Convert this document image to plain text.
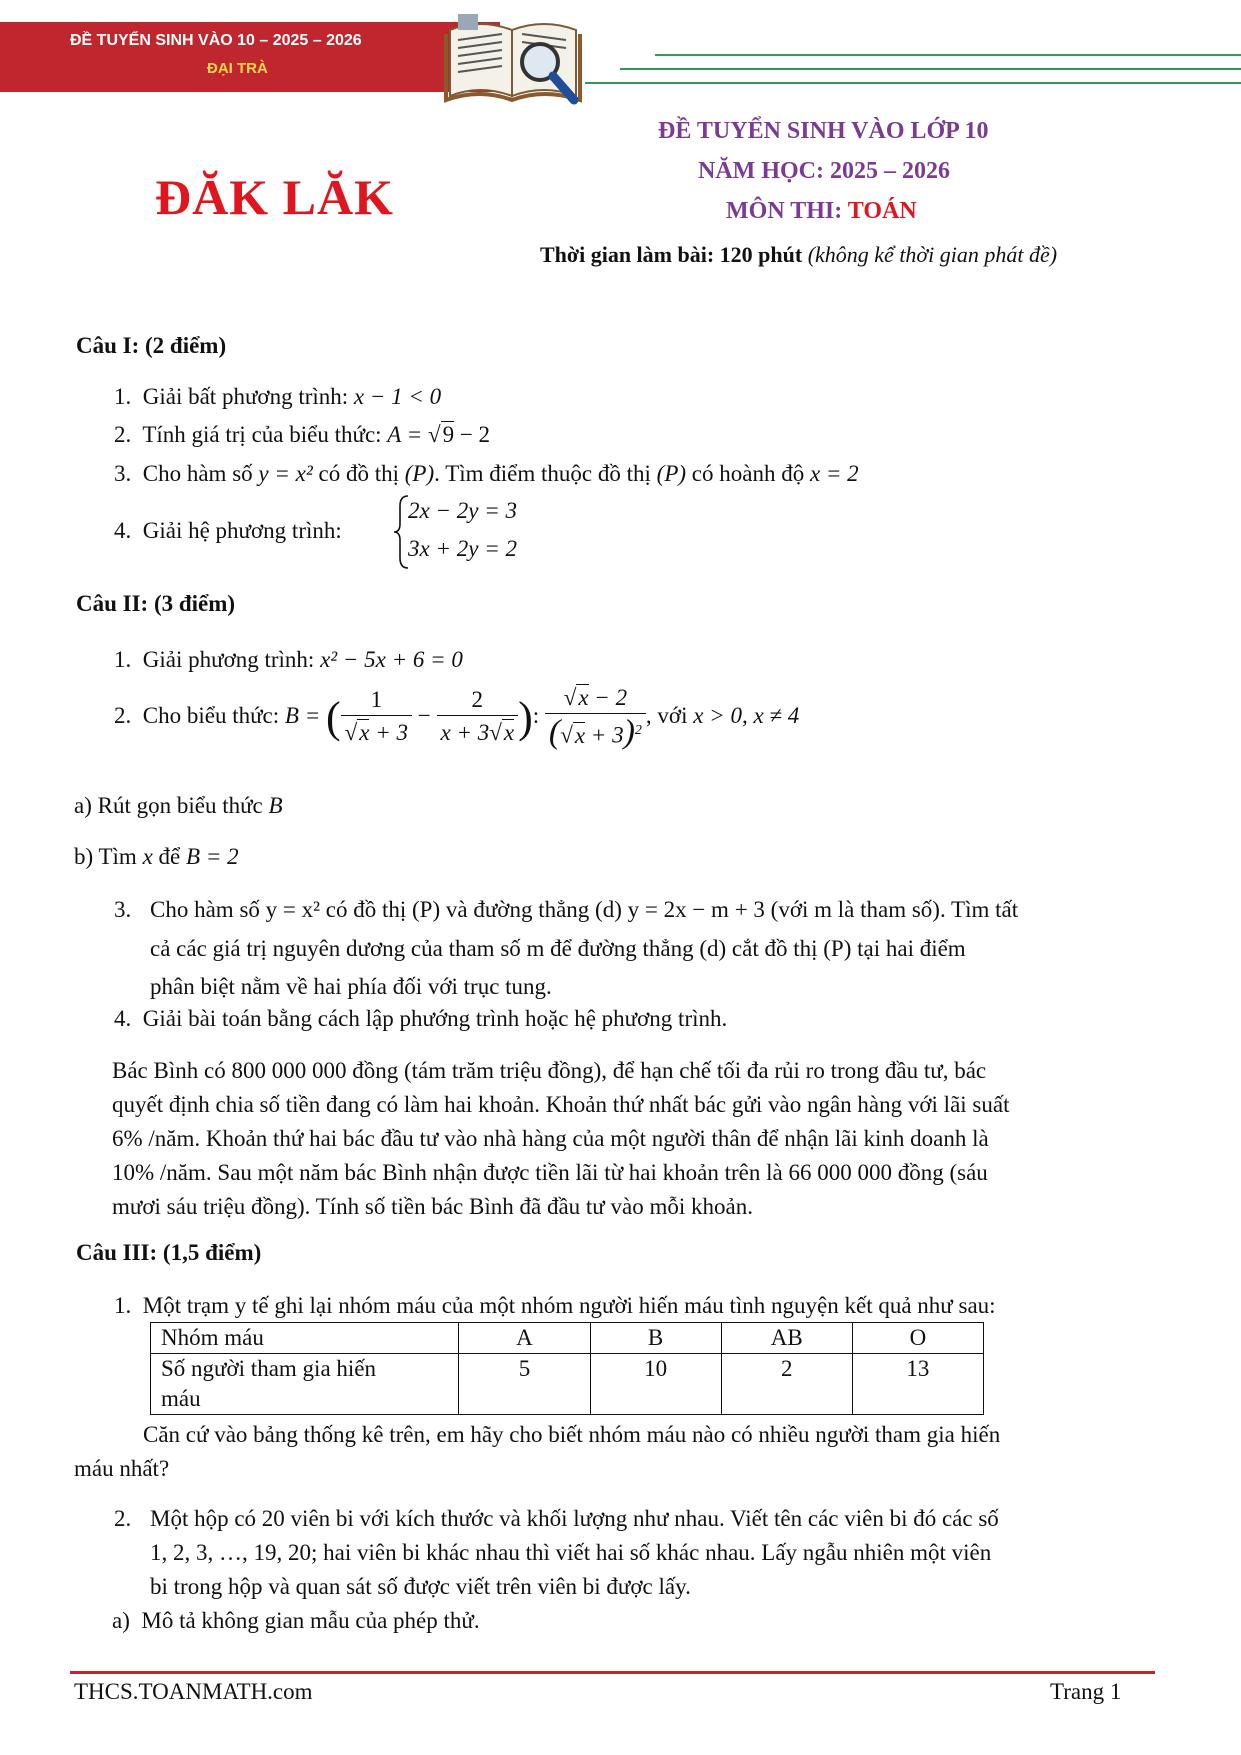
ĐỀ TUYỂN SINH VÀO 10 – 2025 – 2026
ĐẠI TRÀ
ĐĂK LĂK
ĐỀ TUYỂN SINH VÀO LỚP 10
NĂM HỌC: 2025 – 2026
MÔN THI: TOÁN
Thời gian làm bài: 120 phút (không kể thời gian phát đề)
Câu I: (2 điểm)
1. Giải bất phương trình: x − 1 < 0
2. Tính giá trị của biểu thức: A = √9 − 2
3. Cho hàm số y = x² có đồ thị (P). Tìm điểm thuộc đồ thị (P) có hoành độ x = 2
4. Giải hệ phương trình:
2x − 2y = 3
3x + 2y = 2
Câu II: (3 điểm)
1. Giải phương trình: x² − 5x + 6 = 0
2. Cho biểu thức: B = ( $\frac{1}{√x + 3} - \frac{2}{x + 3√x}$ ): $\frac{√x - 2}{(√x + 3)^2}$ , với x > 0, x ≠ 4
a) Rút gọn biểu thức B
b) Tìm x để B = 2
3. Cho hàm số y = x² có đồ thị (P) và đường thẳng (d) y = 2x − m + 3 (với m là tham số). Tìm tất
cả các giá trị nguyên dương của tham số m để đường thẳng (d) cắt đồ thị (P) tại hai điểm
phân biệt nằm về hai phía đối với trục tung.
4. Giải bài toán bằng cách lập phướng trình hoặc hệ phương trình.
Bác Bình có 800 000 000 đồng (tám trăm triệu đồng), để hạn chế tối đa rủi ro trong đầu tư, bác
quyết định chia số tiền đang có làm hai khoản. Khoản thứ nhất bác gửi vào ngân hàng với lãi suất
6% /năm. Khoản thứ hai bác đầu tư vào nhà hàng của một người thân để nhận lãi kinh doanh là
10% /năm. Sau một năm bác Bình nhận được tiền lãi từ hai khoản trên là 66 000 000 đồng (sáu
mươi sáu triệu đồng). Tính số tiền bác Bình đã đầu tư vào mỗi khoản.
Câu III: (1,5 điểm)
1. Một trạm y tế ghi lại nhóm máu của một nhóm người hiến máu tình nguyện kết quả như sau:
Nhóm máu	A	B	AB	O
Số người tham gia hiến
máu	5	10	2	13
Căn cứ vào bảng thống kê trên, em hãy cho biết nhóm máu nào có nhiều người tham gia hiến
máu nhất?
2. Một hộp có 20 viên bi với kích thước và khối lượng như nhau. Viết tên các viên bi đó các số
1, 2, 3, …, 19, 20; hai viên bi khác nhau thì viết hai số khác nhau. Lấy ngẫu nhiên một viên
bi trong hộp và quan sát số được viết trên viên bi được lấy.
a) Mô tả không gian mẫu của phép thử.
THCS.TOANMATH.com	Trang 1
